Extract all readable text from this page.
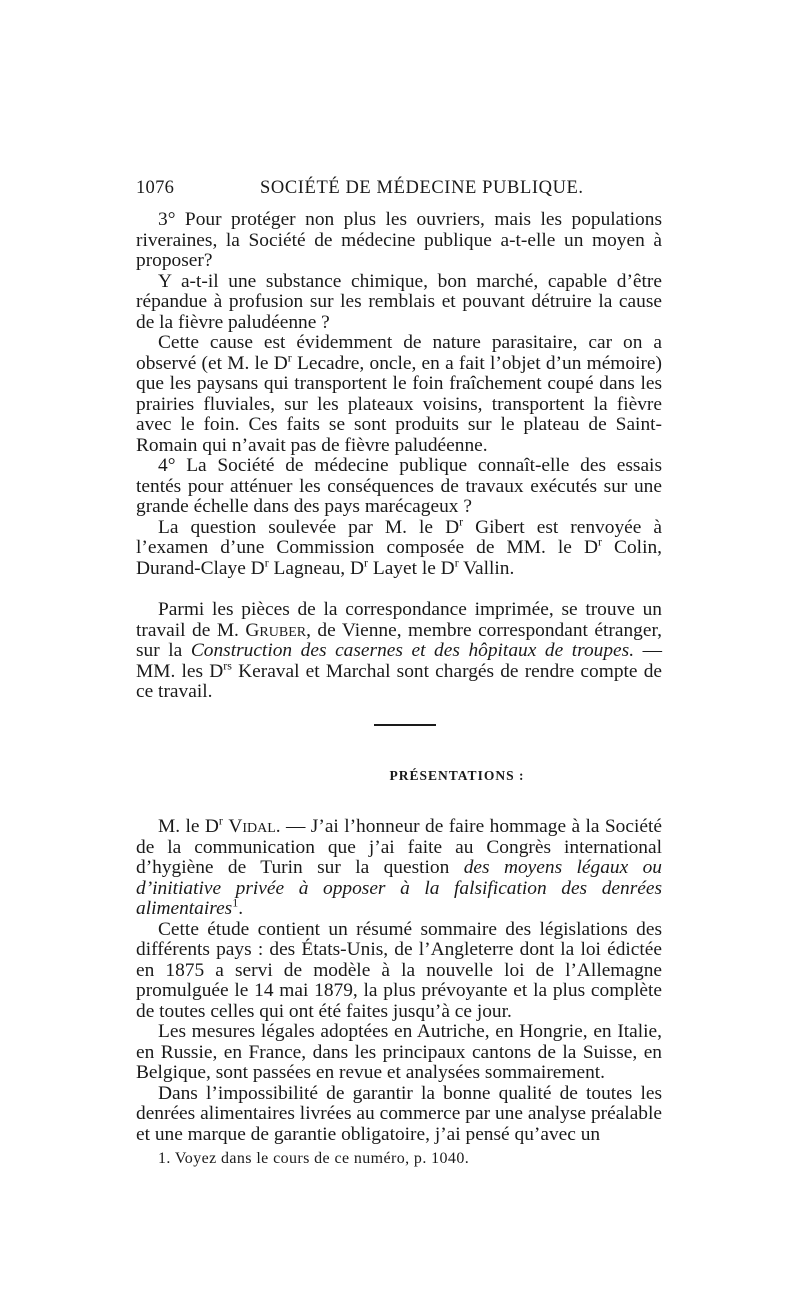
1076	SOCIÉTÉ DE MÉDECINE PUBLIQUE.

3° Pour protéger non plus les ouvriers, mais les populations riveraines, la Société de médecine publique a-t-elle un moyen à proposer?

Y a-t-il une substance chimique, bon marché, capable d’être répandue à profusion sur les remblais et pouvant détruire la cause de la fièvre paludéenne ?

Cette cause est évidemment de nature parasitaire, car on a observé (et M. le $D^r$ Lecadre, oncle, en a fait l’objet d’un mémoire) que les paysans qui transportent le foin fraîchement coupé dans les prairies fluviales, sur les plateaux voisins, transportent la fièvre avec le foin. Ces faits se sont produits sur le plateau de Saint-Romain qui n’avait pas de fièvre paludéenne.

4° La Société de médecine publique connaît-elle des essais tentés pour atténuer les conséquences de travaux exécutés sur une grande échelle dans des pays marécageux ?

La question soulevée par M. le $D^r$ Gibert est renvoyée à l’examen d’une Commission composée de MM. le $D^r$ Colin, Durand-Claye $D^r$ Lagneau, $D^r$ Layet le $D^r$ Vallin.

Parmi les pièces de la correspondance imprimée, se trouve un travail de M. Gruber, de Vienne, membre correspondant étranger, sur la Construction des casernes et des hôpitaux de troupes. — MM. les $D^{rs}$ Keraval et Marchal sont chargés de rendre compte de ce travail.

PRÉSENTATIONS :

M. le $D^r$ Vidal. — J’ai l’honneur de faire hommage à la Société de la communication que j’ai faite au Congrès international d’hygiène de Turin sur la question des moyens légaux ou d’initiative privée à opposer à la falsification des denrées alimentaires$^1$.

Cette étude contient un résumé sommaire des législations des différents pays : des États-Unis, de l’Angleterre dont la loi édictée en 1875 a servi de modèle à la nouvelle loi de l’Allemagne promulguée le 14 mai 1879, la plus prévoyante et la plus complète de toutes celles qui ont été faites jusqu’à ce jour.

Les mesures légales adoptées en Autriche, en Hongrie, en Italie, en Russie, en France, dans les principaux cantons de la Suisse, en Belgique, sont passées en revue et analysées sommairement.

Dans l’impossibilité de garantir la bonne qualité de toutes les denrées alimentaires livrées au commerce par une analyse préalable et une marque de garantie obligatoire, j’ai pensé qu’avec un

1. Voyez dans le cours de ce numéro, p. 1040.
